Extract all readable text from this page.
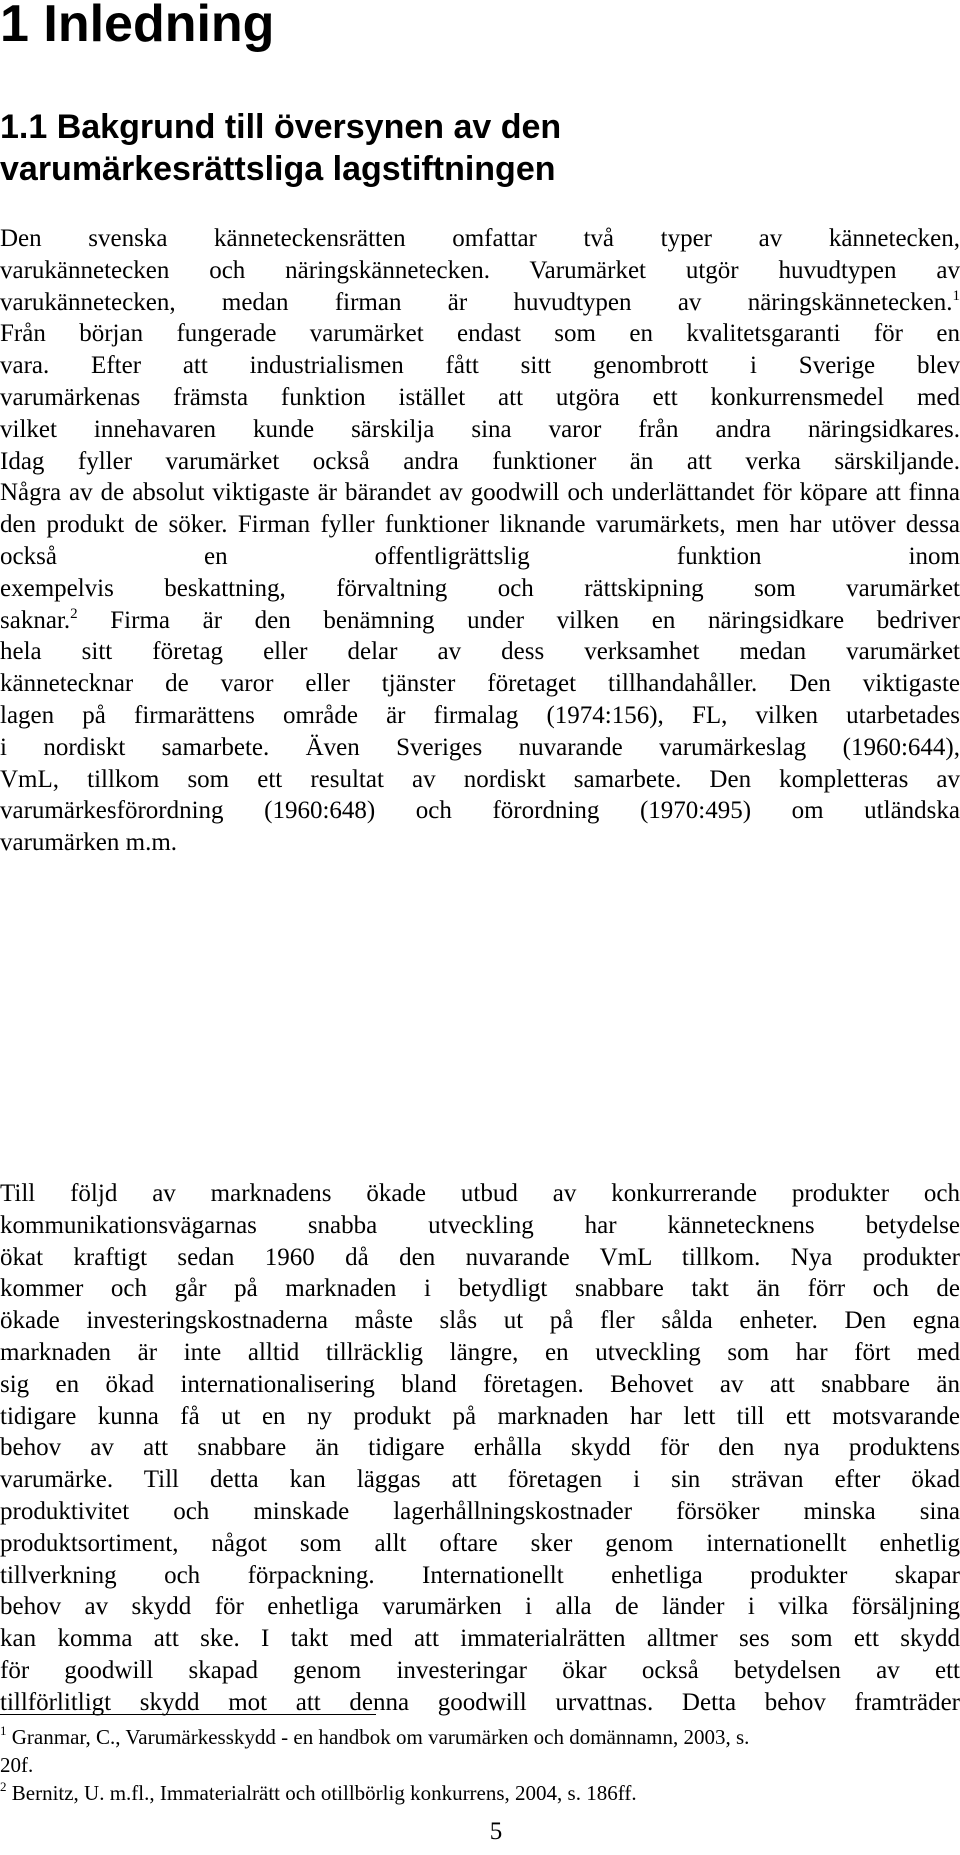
1 Inledning
1.1 Bakgrund till översynen av den
varumärkesrättsliga lagstiftningen
Den svenska känneteckensrätten omfattar två typer av kännetecken,
varukännetecken och näringskännetecken. Varumärket utgör huvudtypen av
varukännetecken, medan firman är huvudtypen av näringskännetecken.$^1$
Från början fungerade varumärket endast som en kvalitetsgaranti för en
vara. Efter att industrialismen fått sitt genombrott i Sverige blev
varumärkenas främsta funktion istället att utgöra ett konkurrensmedel med
vilket innehavaren kunde särskilja sina varor från andra näringsidkares.
Idag fyller varumärket också andra funktioner än att verka särskiljande.
Några av de absolut viktigaste är bärandet av goodwill och underlättandet för köpare att finna den produkt de söker. Firman fyller funktioner liknande varumärkets, men har utöver dessa också en offentligrättslig funktion inom
exempelvis beskattning, förvaltning och rättskipning som varumärket
saknar.$^2$ Firma är den benämning under vilken en näringsidkare bedriver
hela sitt företag eller delar av dess verksamhet medan varumärket
kännetecknar de varor eller tjänster företaget tillhandahåller. Den viktigaste
lagen på firmarättens område är firmalag (1974:156), FL, vilken utarbetades
i nordiskt samarbete. Även Sveriges nuvarande varumärkeslag (1960:644),
VmL, tillkom som ett resultat av nordiskt samarbete. Den kompletteras av
varumärkesförordning (1960:648) och förordning (1970:495) om utländska
varumärken m.m.
Till följd av marknadens ökade utbud av konkurrerande produkter och
kommunikationsvägarnas snabba utveckling har kännetecknens betydelse
ökat kraftigt sedan 1960 då den nuvarande VmL tillkom. Nya produkter
kommer och går på marknaden i betydligt snabbare takt än förr och de
ökade investeringskostnaderna måste slås ut på fler sålda enheter. Den egna
marknaden är inte alltid tillräcklig längre, en utveckling som har fört med
sig en ökad internationalisering bland företagen. Behovet av att snabbare än
tidigare kunna få ut en ny produkt på marknaden har lett till ett motsvarande
behov av att snabbare än tidigare erhålla skydd för den nya produktens
varumärke. Till detta kan läggas att företagen i sin strävan efter ökad
produktivitet och minskade lagerhållningskostnader försöker minska sina
produktsortiment, något som allt oftare sker genom internationellt enhetlig
tillverkning och förpackning. Internationellt enhetliga produkter skapar
behov av skydd för enhetliga varumärken i alla de länder i vilka försäljning
kan komma att ske. I takt med att immaterialrätten alltmer ses som ett skydd
för goodwill skapad genom investeringar ökar också betydelsen av ett
tillförlitligt skydd mot att denna goodwill urvattnas. Detta behov framträder
$^1$ Granmar, C., Varumärkesskydd - en handbok om varumärken och domännamn, 2003, s.
20f.
$^2$ Bernitz, U. m.fl., Immaterialrätt och otillbörlig konkurrens, 2004, s. 186ff.
5
